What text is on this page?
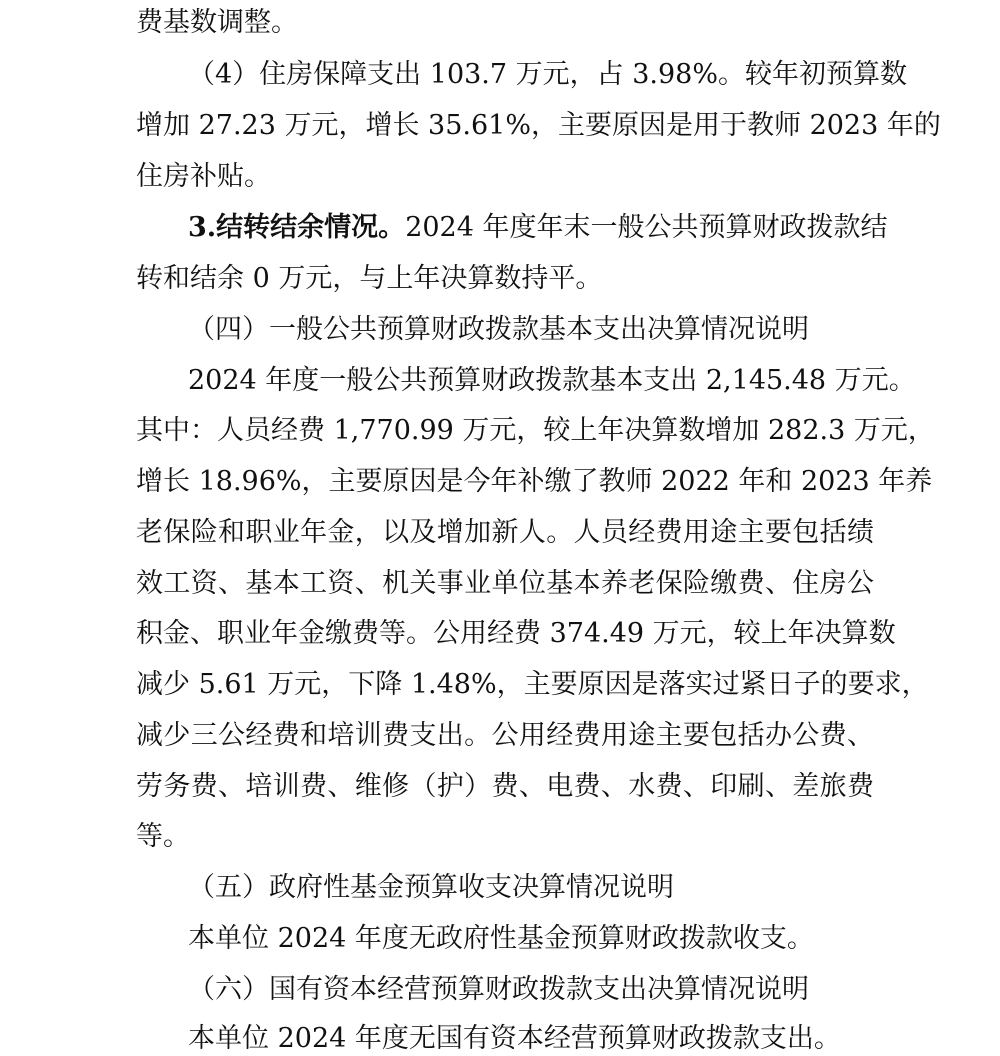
费基数调整。
（4）住房保障支出 103.7 万元，占 3.98%。较年初预算数
增加 27.23 万元，增长 35.61%，主要原因是用于教师 2023 年的
住房补贴。
3.结转结余情况。2024 年度年末一般公共预算财政拨款结
转和结余 0 万元，与上年决算数持平。
（四）一般公共预算财政拨款基本支出决算情况说明
2024 年度一般公共预算财政拨款基本支出 2,145.48 万元。
其中：人员经费 1,770.99 万元，较上年决算数增加 282.3 万元，
增长 18.96%，主要原因是今年补缴了教师 2022 年和 2023 年养
老保险和职业年金，以及增加新人。人员经费用途主要包括绩
效工资、基本工资、机关事业单位基本养老保险缴费、住房公
积金、职业年金缴费等。公用经费 374.49 万元，较上年决算数
减少 5.61 万元，下降 1.48%，主要原因是落实过紧日子的要求，
减少三公经费和培训费支出。公用经费用途主要包括办公费、
劳务费、培训费、维修（护）费、电费、水费、印刷、差旅费
等。
（五）政府性基金预算收支决算情况说明
本单位 2024 年度无政府性基金预算财政拨款收支。
（六）国有资本经营预算财政拨款支出决算情况说明
本单位 2024 年度无国有资本经营预算财政拨款支出。
